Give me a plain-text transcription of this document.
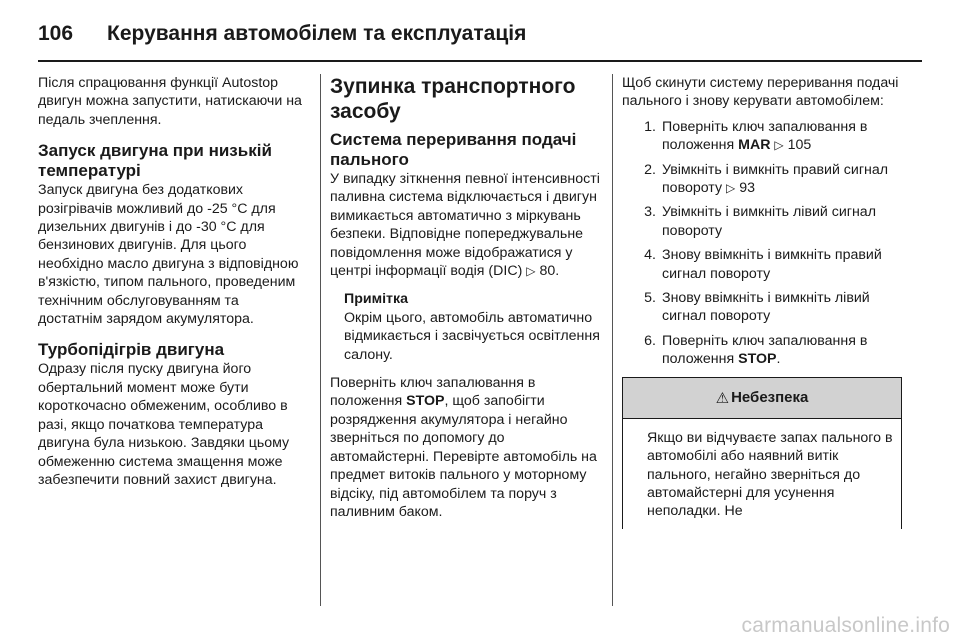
106 Керування автомобілем та експлуатація

Після спрацювання функції Autostop двигун можна запустити, натискаючи на педаль зчеплення.

Запуск двигуна при низькій температурі

Запуск двигуна без додаткових розігрівачів можливий до -25 °C для дизельних двигунів і до -30 °C для бензинових двигунів. Для цього необхідно масло двигуна з відповідною в'язкістю, типом пального, проведеним технічним обслуговуванням та достатнім зарядом акумулятора.

Турбопідігрів двигуна

Одразу після пуску двигуна його обертальний момент може бути короткочасно обмеженим, особливо в разі, якщо початкова температура двигуна була низькою. Завдяки цьому обмеженню система змащення може забезпечити повний захист двигуна.

Зупинка транспортного засобу
Система переривання подачі пального

У випадку зіткнення певної інтенсивності паливна система відключається і двигун вимикається автоматично з міркувань безпеки. Відповідне попереджувальне повідомлення може відображатися у центрі інформації водія (DIC) ▷ 80.

Примітка

Окрім цього, автомобіль автоматично відмикається і засвічується освітлення салону.

Поверніть ключ запалювання в положення STOP, щоб запобігти розрядження акумулятора і негайно зверніться по допомогу до автомайстерні. Перевірте автомобіль на предмет витоків пального у моторному відсіку, під автомобілем та поруч з паливним баком.

Щоб скинути систему переривання подачі пального і знову керувати автомобілем:

1. Поверніть ключ запалювання в положення MAR ▷ 105
2. Увімкніть і вимкніть правий сигнал повороту ▷ 93
3. Увімкніть і вимкніть лівий сигнал повороту
4. Знову ввімкніть і вимкніть правий сигнал повороту
5. Знову ввімкніть і вимкніть лівий сигнал повороту
6. Поверніть ключ запалювання в положення STOP.
⚠ Небезпека

Якщо ви відчуваєте запах пального в автомобілі або наявний витік пального, негайно зверніться до автомайстерні для усунення неполадки. Не

carmanualsonline.info
